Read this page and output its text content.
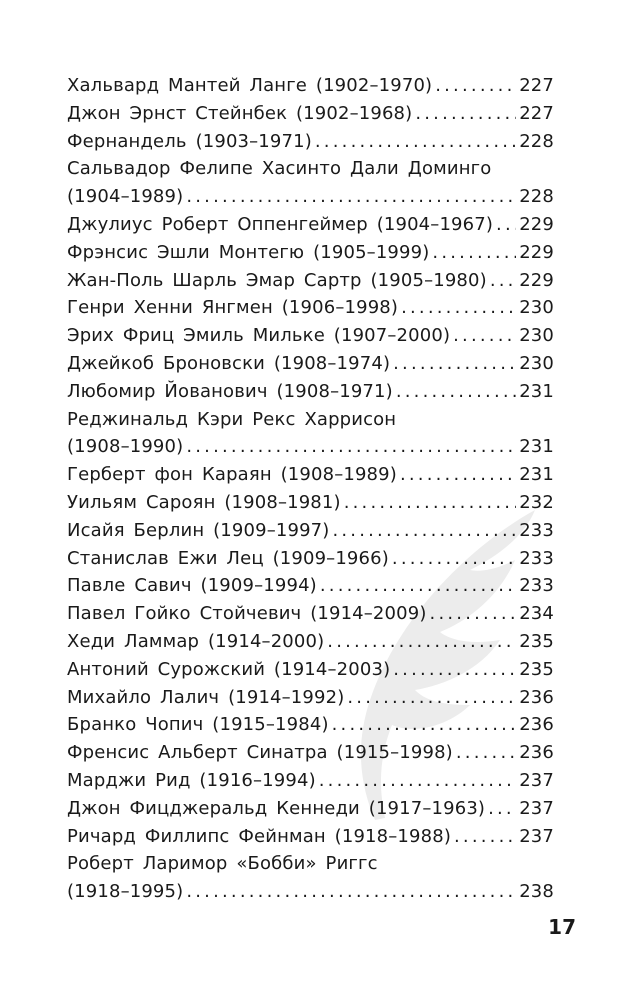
Хальвард Мантей Ланге (1902–1970) .....	227
Джон Эрнст Стейнбек (1902–1968) .....	227
Фернандель (1903–1971) .....	228
Сальвадор Фелипе Хасинто Дали Доминго
(1904–1989) .....	228
Джулиус Роберт Оппенгеймер (1904–1967) ..... 229
Фрэнсис Эшли Монтегю (1905–1999) .....	229
Жан-Поль Шарль Эмар Сартр (1905–1980) ..... 229
Генри Хенни Янгмен (1906–1998) .....	230
Эрих Фриц Эмиль Мильке (1907–2000) .....	230
Джейкоб Броновски (1908–1974) .....	230
Любомир Йованович (1908–1971) .....	231
Реджинальд Кэри Рекс Харрисон
(1908–1990) .....	231
Герберт фон Караян (1908–1989) .....	231
Уильям Сароян (1908–1981) .....	232
Исайя Берлин (1909–1997) .....	233
Станислав Ежи Лец (1909–1966) .....	233
Павле Савич (1909–1994) .....	233
Павел Гойко Стойчевич (1914–2009) .....	234
Хеди Ламмар (1914–2000) .....	235
Антоний Сурожский (1914–2003) .....	235
Михайло Лалич (1914–1992) .....	236
Бранко Чопич (1915–1984) .....	236
Френсис Альберт Синатра (1915–1998) .....	236
Марджи Рид (1916–1994) .....	237
Джон Фицджеральд Кеннеди (1917–1963) ..... 237
Ричард Филлипс Фейнман (1918–1988) .....	237
Роберт Ларимор «Бобби» Риггс
(1918–1995) .....	238
17
